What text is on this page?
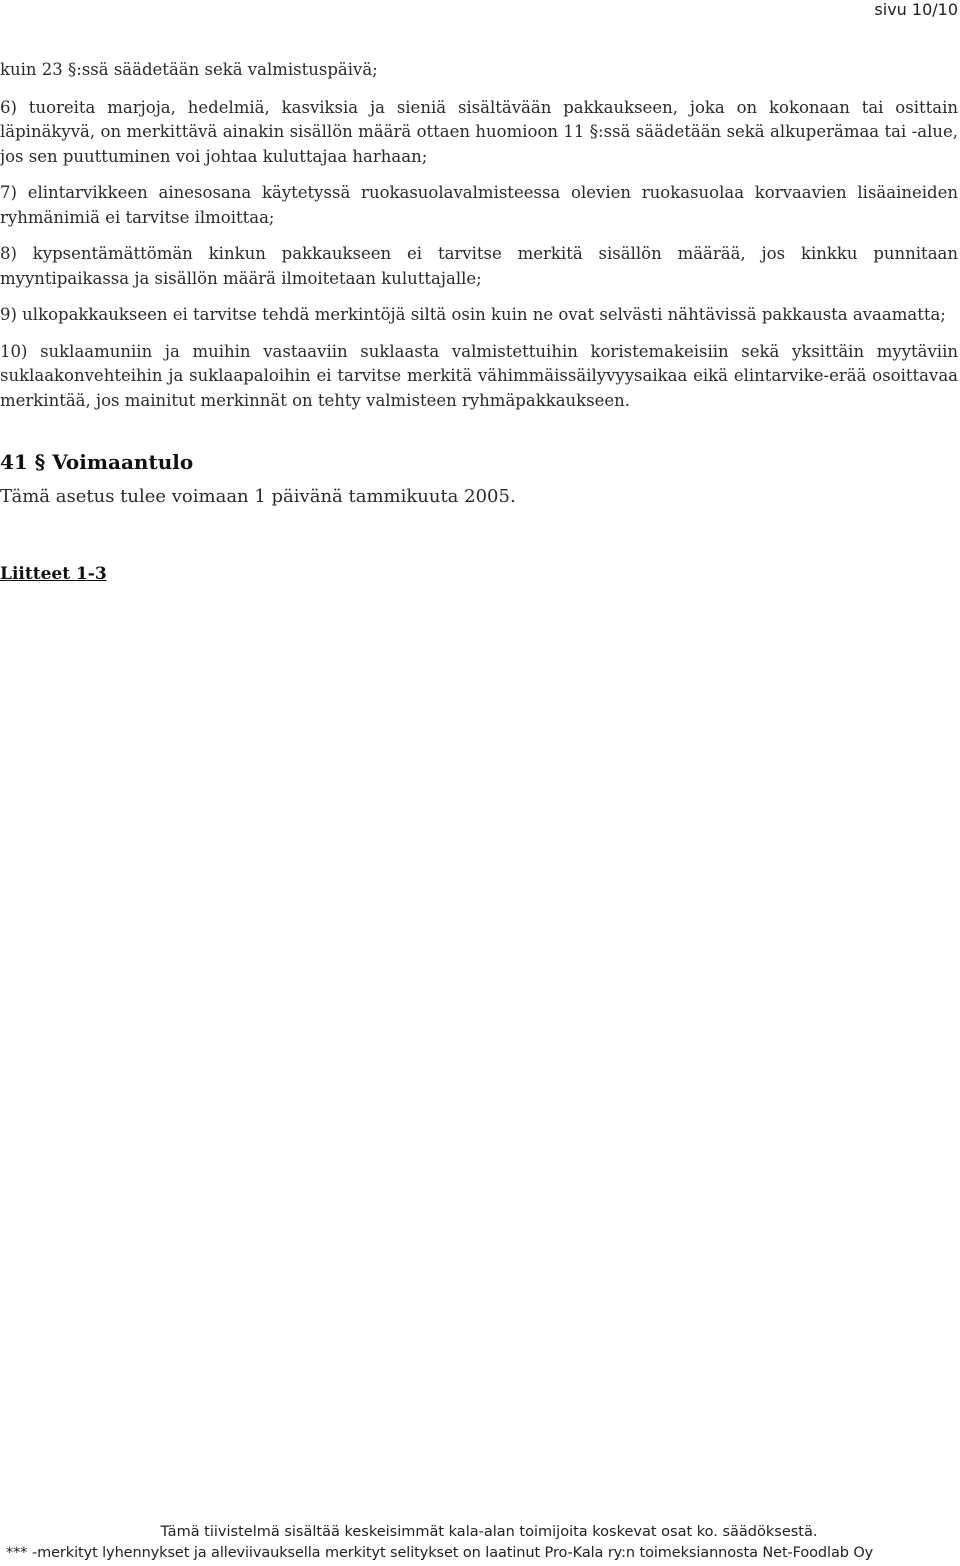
sivu 10/10

kuin 23 §:ssä säädetään sekä valmistuspäivä;

6) tuoreita marjoja, hedelmiä, kasviksia ja sieniä sisältävään pakkaukseen, joka on kokonaan tai osittain läpinäkyvä, on merkittävä ainakin sisällön määrä ottaen huomioon 11 §:ssä säädetään sekä alkuperämaa tai -alue, jos sen puuttuminen voi johtaa kuluttajaa harhaan;

7) elintarvikkeen ainesosana käytetyssä ruokasuolavalmisteessa olevien ruokasuolaa korvaavien lisäaineiden ryhmänimiä ei tarvitse ilmoittaa;

8) kypsentämättömän kinkun pakkaukseen ei tarvitse merkitä sisällön määrää, jos kinkku punnitaan myyntipaikassa ja sisällön määrä ilmoitetaan kuluttajalle;

9) ulkopakkaukseen ei tarvitse tehdä merkintöjä siltä osin kuin ne ovat selvästi nähtävissä pakkausta avaamatta;

10) suklaamuniin ja muihin vastaaviin suklaasta valmistettuihin koristemakeisiin sekä yksittäin myytäviin suklaakonvehteihin ja suklaapaloihin ei tarvitse merkitä vähimmäissäilyvyysaikaa eikä elintarvike-erää osoittavaa merkintää, jos mainitut merkinnät on tehty valmisteen ryhmäpakkaukseen.

41 § Voimaantulo

Tämä asetus tulee voimaan 1 päivänä tammikuuta 2005.

Liitteet 1-3
Tämä tiivistelmä sisältää keskeisimmät kala-alan toimijoita koskevat osat ko. säädöksestä.
*** -merkityt lyhennykset ja alleviivauksella merkityt selitykset on laatinut Pro-Kala ry:n toimeksiannosta Net-Foodlab Oy
